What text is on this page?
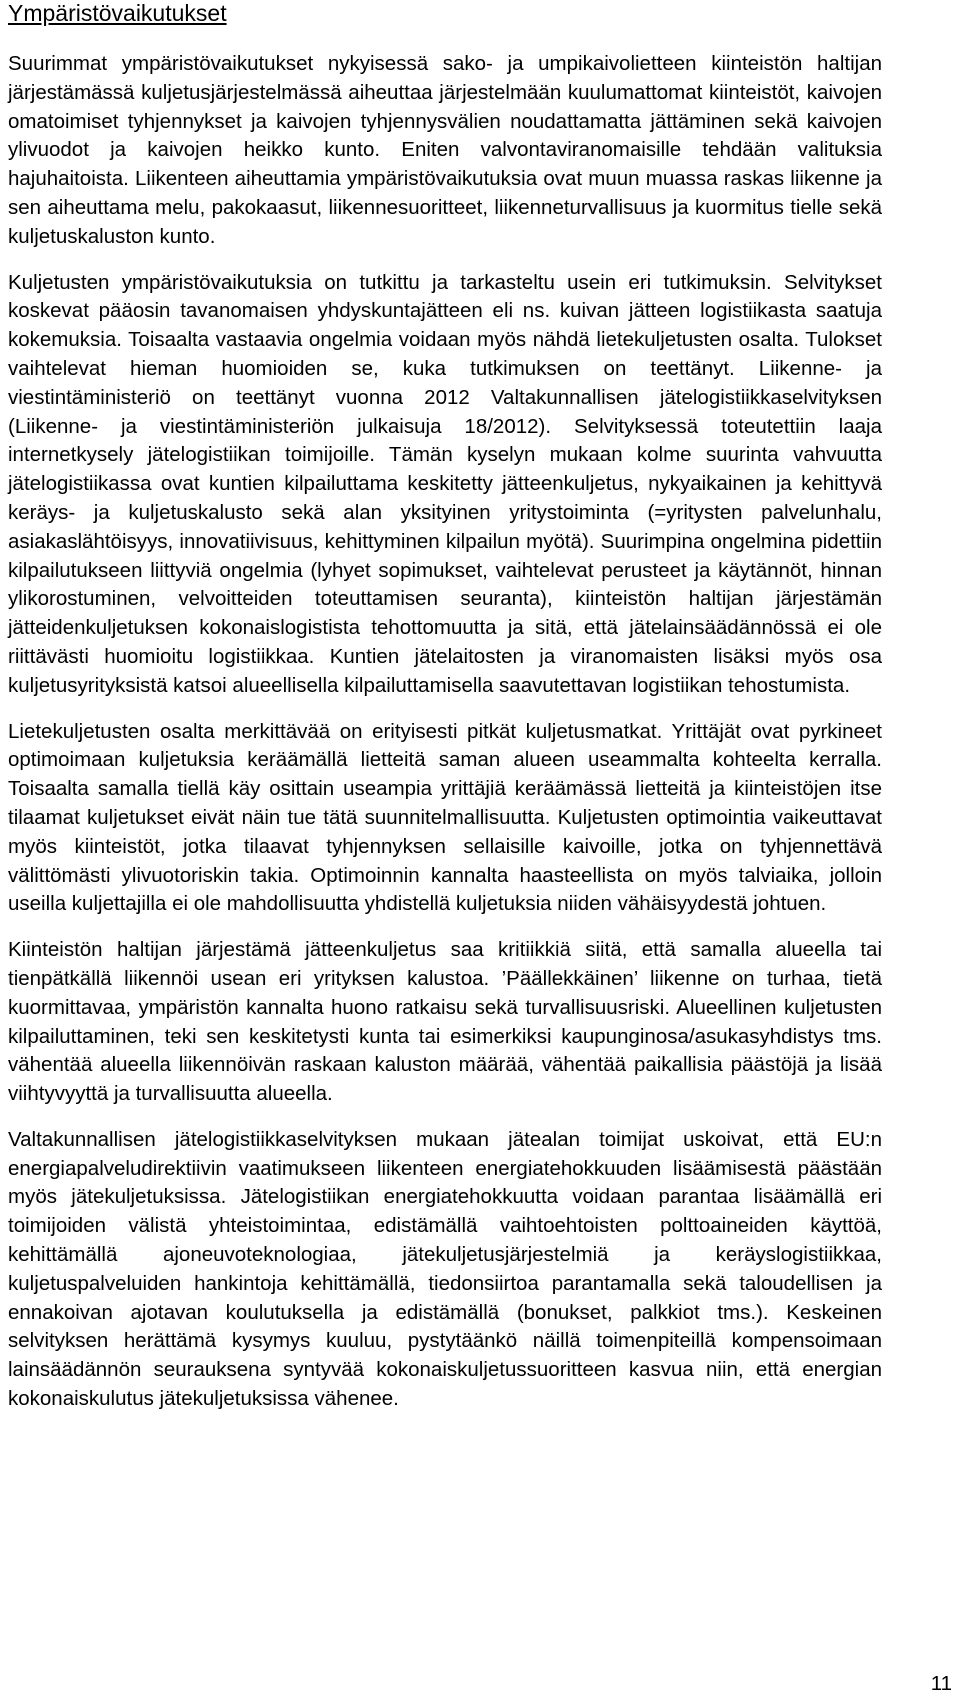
Ympäristövaikutukset

Suurimmat ympäristövaikutukset nykyisessä sako- ja umpikaivolietteen kiinteistön haltijan järjestämässä kuljetusjärjestelmässä aiheuttaa järjestelmään kuulumattomat kiinteistöt, kaivojen omatoimiset tyhjennykset ja kaivojen tyhjennysvälien noudattamatta jättäminen sekä kaivojen ylivuodot ja kaivojen heikko kunto. Eniten valvontaviranomaisille tehdään valituksia hajuhaitoista. Liikenteen aiheuttamia ympäristövaikutuksia ovat muun muassa raskas liikenne ja sen aiheuttama melu, pakokaasut, liikennesuoritteet, liikenneturvallisuus ja kuormitus tielle sekä kuljetuskaluston kunto.

Kuljetusten ympäristövaikutuksia on tutkittu ja tarkasteltu usein eri tutkimuksin. Selvitykset koskevat pääosin tavanomaisen yhdyskuntajätteen eli ns. kuivan jätteen logistiikasta saatuja kokemuksia. Toisaalta vastaavia ongelmia voidaan myös nähdä lietekuljetusten osalta. Tulokset vaihtelevat hieman huomioiden se, kuka tutkimuksen on teettänyt. Liikenne- ja viestintäministeriö on teettänyt vuonna 2012 Valtakunnallisen jätelogistiikkaselvityksen (Liikenne- ja viestintäministeriön julkaisuja 18/2012). Selvityksessä toteutettiin laaja internetkysely jätelogistiikan toimijoille. Tämän kyselyn mukaan kolme suurinta vahvuutta jätelogistiikassa ovat kuntien kilpailuttama keskitetty jätteenkuljetus, nykyaikainen ja kehittyvä keräys- ja kuljetuskalusto sekä alan yksityinen yritystoiminta (=yritysten palvelunhalu, asiakaslähtöisyys, innovatiivisuus, kehittyminen kilpailun myötä). Suurimpina ongelmina pidettiin kilpailutukseen liittyviä ongelmia (lyhyet sopimukset, vaihtelevat perusteet ja käytännöt, hinnan ylikorostuminen, velvoitteiden toteuttamisen seuranta), kiinteistön haltijan järjestämän jätteidenkuljetuksen kokonaislogistista tehottomuutta ja sitä, että jätelainsäädännössä ei ole riittävästi huomioitu logistiikkaa. Kuntien jätelaitosten ja viranomaisten lisäksi myös osa kuljetusyrityksistä katsoi alueellisella kilpailuttamisella saavutettavan logistiikan tehostumista.

Lietekuljetusten osalta merkittävää on erityisesti pitkät kuljetusmatkat. Yrittäjät ovat pyrkineet optimoimaan kuljetuksia keräämällä lietteitä saman alueen useammalta kohteelta kerralla. Toisaalta samalla tiellä käy osittain useampia yrittäjiä keräämässä lietteitä ja kiinteistöjen itse tilaamat kuljetukset eivät näin tue tätä suunnitelmallisuutta. Kuljetusten optimointia vaikeuttavat myös kiinteistöt, jotka tilaavat tyhjennyksen sellaisille kaivoille, jotka on tyhjennettävä välittömästi ylivuotoriskin takia. Optimoinnin kannalta haasteellista on myös talviaika, jolloin useilla kuljettajilla ei ole mahdollisuutta yhdistellä kuljetuksia niiden vähäisyydestä johtuen.

Kiinteistön haltijan järjestämä jätteenkuljetus saa kritiikkiä siitä, että samalla alueella tai tienpätkällä liikennöi usean eri yrityksen kalustoa. ’Päällekkäinen’ liikenne on turhaa, tietä kuormittavaa, ympäristön kannalta huono ratkaisu sekä turvallisuusriski. Alueellinen kuljetusten kilpailuttaminen, teki sen keskitetysti kunta tai esimerkiksi kaupunginosa/asukasyhdistys tms. vähentää alueella liikennöivän raskaan kaluston määrää, vähentää paikallisia päästöjä ja lisää viihtyvyyttä ja turvallisuutta alueella.

Valtakunnallisen jätelogistiikkaselvityksen mukaan jätealan toimijat uskoivat, että EU:n energiapalveludirektiivin vaatimukseen liikenteen energiatehokkuuden lisäämisestä päästään myös jätekuljetuksissa. Jätelogistiikan energiatehokkuutta voidaan parantaa lisäämällä eri toimijoiden välistä yhteistoimintaa, edistämällä vaihtoehtoisten polttoaineiden käyttöä, kehittämällä ajoneuvoteknologiaa, jätekuljetusjärjestelmiä ja keräyslogistiikkaa, kuljetuspalveluiden hankintoja kehittämällä, tiedonsiirtoa parantamalla sekä taloudellisen ja ennakoivan ajotavan koulutuksella ja edistämällä (bonukset, palkkiot tms.). Keskeinen selvityksen herättämä kysymys kuuluu, pystytäänkö näillä toimenpiteillä kompensoimaan lainsäädännön seurauksena syntyvää kokonaiskuljetussuoritteen kasvua niin, että energian kokonaiskulutus jätekuljetuksissa vähenee.

11
